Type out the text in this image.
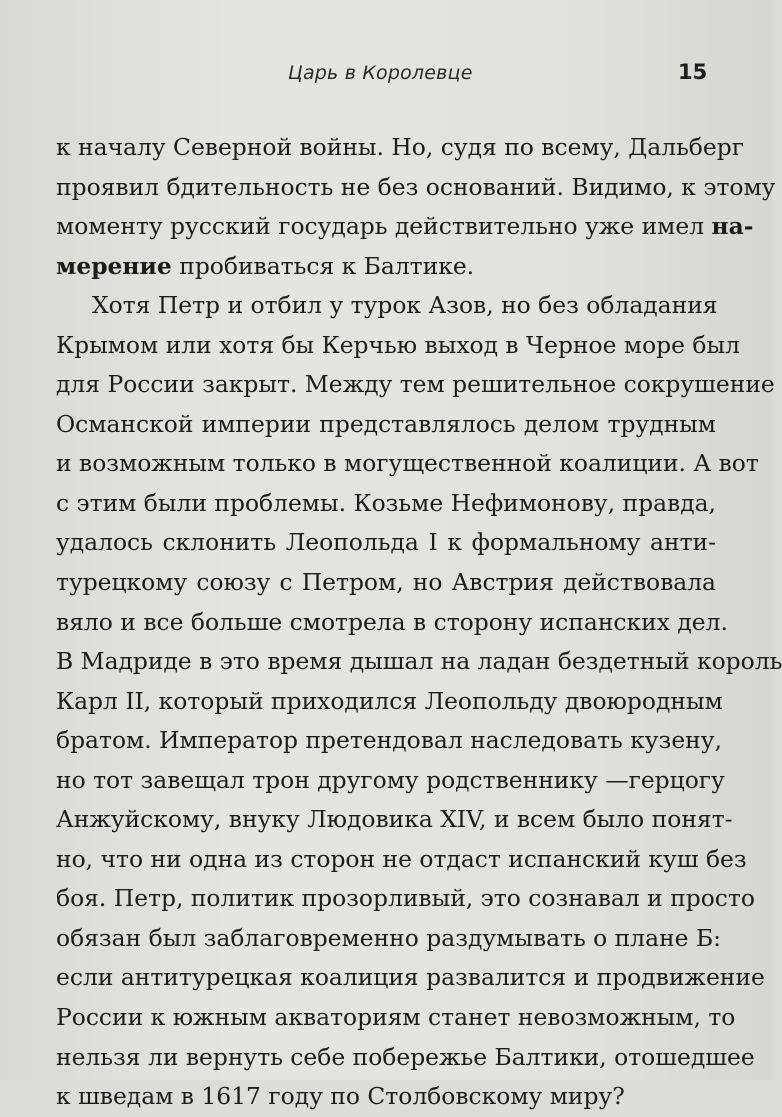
Царь в Королевце	15
к началу Северной войны. Но, судя по всему, Дальберг
проявил бдительность не без оснований. Видимо, к этому
моменту русский государь действительно уже имел на-
мерение пробиваться к Балтике.
Хотя Петр и отбил у турок Азов, но без обладания
Крымом или хотя бы Керчью выход в Черное море был
для России закрыт. Между тем решительное сокрушение
Османской империи представлялось делом трудным
и возможным только в могущественной коалиции. А вот
с этим были проблемы. Козьме Нефимонову, правда,
удалось склонить Леопольда I к формальному анти-
турецкому союзу с Петром, но Австрия действовала
вяло и все больше смотрела в сторону испанских дел.
В Мадриде в это время дышал на ладан бездетный король
Карл II, который приходился Леопольду двоюродным
братом. Император претендовал наследовать кузену,
но тот завещал трон другому родственнику —герцогу
Анжуйскому, внуку Людовика XIV, и всем было понят-
но, что ни одна из сторон не отдаст испанский куш без
боя. Петр, политик прозорливый, это сознавал и просто
обязан был заблаговременно раздумывать о плане Б:
если антитурецкая коалиция развалится и продвижение
России к южным акваториям станет невозможным, то
нельзя ли вернуть себе побережье Балтики, отошедшее
к шведам в 1617 году по Столбовскому миру?
